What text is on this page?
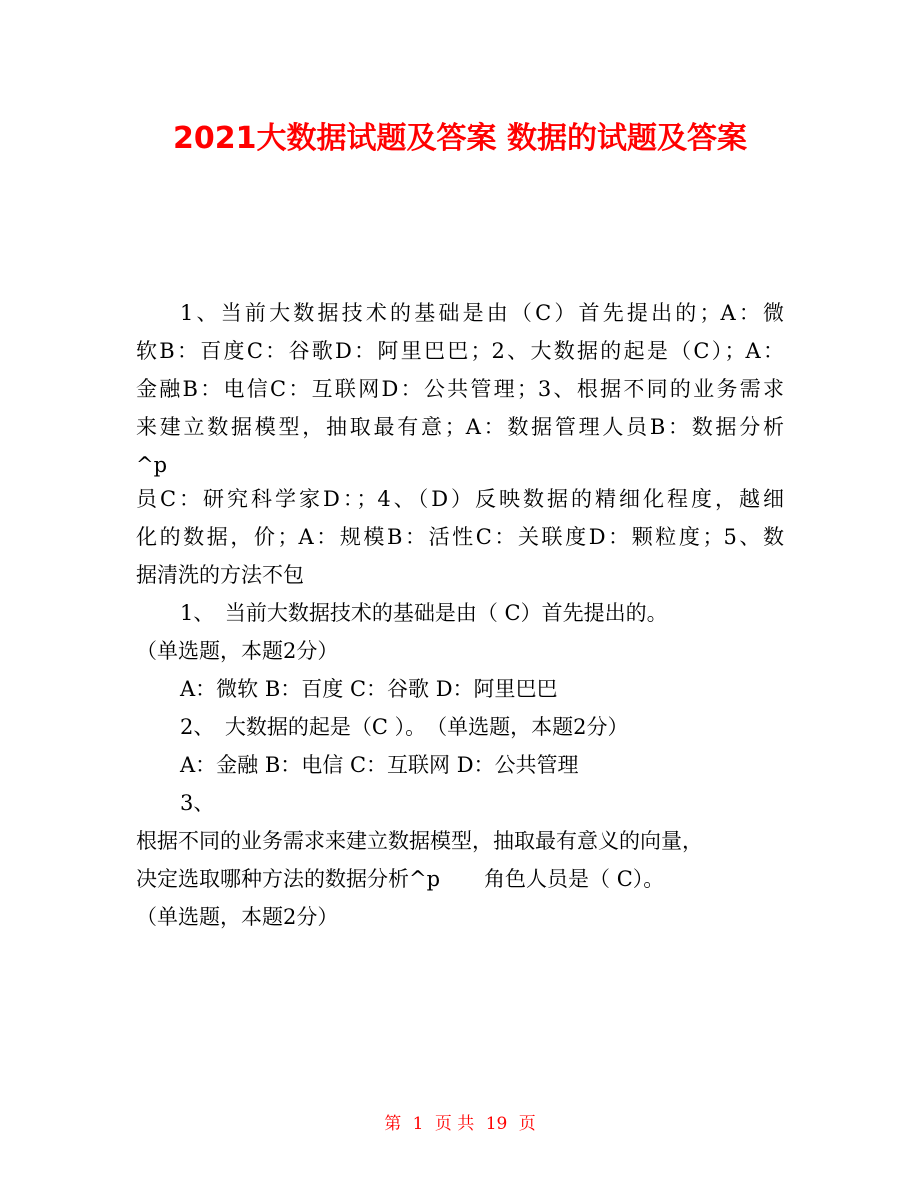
2021大数据试题及答案 数据的试题及答案
1、当前大数据技术的基础是由（C）首先提出的；A：微
软B：百度C：谷歌D：阿里巴巴；2、大数据的起是（C）；A：
金融B：电信C：互联网D：公共管理；3、根据不同的业务需求
来建立数据模型，抽取最有意；A：数据管理人员B：数据分析
^p
员C：研究科学家D：；4、（D）反映数据的精细化程度，越细
化的数据，价；A：规模B：活性C：关联度D：颗粒度；5、数
据清洗的方法不包
1、　当前大数据技术的基础是由（ C）首先提出的。
（单选题，本题2分）
A：微软 B：百度 C：谷歌 D：阿里巴巴
2、　大数据的起是（C ）。　（单选题，本题2分）
A：金融 B：电信 C：互联网 D：公共管理
3、
根据不同的业务需求来建立数据模型，抽取最有意义的向量，
决定选取哪种方法的数据分析^p 角色人员是（ C）。
（单选题，本题2分）
第 1 页 共 19 页
